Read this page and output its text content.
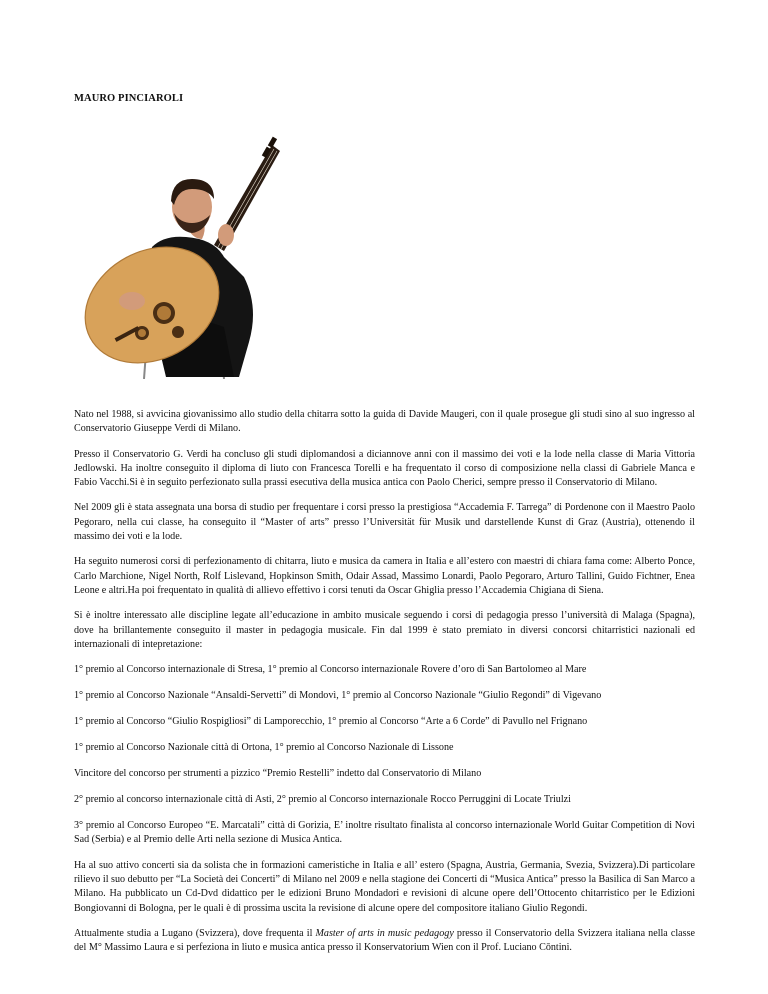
MAURO PINCIAROLI

Nato nel 1988, si avvicina giovanissimo allo studio della chitarra sotto la guida di Davide Maugeri, con il quale prosegue gli studi sino al suo ingresso al Conservatorio Giuseppe Verdi di Milano.

Presso il Conservatorio G. Verdi ha concluso gli studi diplomandosi a diciannove anni con il massimo dei voti e la lode nella classe di Maria Vittoria Jedlowski. Ha inoltre conseguito il diploma di liuto con Francesca Torelli e ha frequentato il corso di composizione nella classi di Gabriele Manca e Fabio Vacchi.Si è in seguito perfezionato sulla prassi esecutiva della musica antica con Paolo Cherici, sempre presso il Conservatorio di Milano.

Nel 2009 gli è stata assegnata una borsa di studio per frequentare i corsi presso la prestigiosa “Accademia F. Tarrega” di Pordenone con il Maestro Paolo Pegoraro, nella cui classe, ha conseguito il “Master of arts” presso l’Universität für Musik und darstellende Kunst di Graz (Austria), ottenendo il massimo dei voti e la lode.

Ha seguito numerosi corsi di perfezionamento di chitarra, liuto e musica da camera in Italia e all’estero con maestri di chiara fama come: Alberto Ponce, Carlo Marchione, Nigel North, Rolf Lislevand, Hopkinson Smith, Odair Assad, Massimo Lonardi, Paolo Pegoraro, Arturo Tallini, Guido Fichtner, Enea Leone e altri.Ha poi frequentato in qualità di allievo effettivo i corsi tenuti da Oscar Ghiglia presso l’Accademia Chigiana di Siena.

Si è inoltre interessato alle discipline legate all’educazione in ambito musicale seguendo i corsi di pedagogia presso l’università di Malaga (Spagna), dove ha brillantemente conseguito il master in pedagogia musicale. Fin dal 1999 è stato premiato in diversi concorsi chitarristici nazionali ed internazionali di intepretazione:

1° premio al Concorso internazionale di Stresa, 1° premio al Concorso internazionale Rovere d’oro di San Bartolomeo al Mare

1° premio al Concorso Nazionale “Ansaldi-Servetti” di Mondovì, 1° premio al Concorso Nazionale “Giulio Regondi” di Vigevano

1° premio al Concorso “Giulio Rospigliosi” di Lamporecchio, 1° premio al Concorso “Arte a 6 Corde” di Pavullo nel Frignano

1° premio al Concorso Nazionale città di Ortona, 1° premio al Concorso Nazionale di Lissone

Vincitore del concorso per strumenti a pizzico “Premio Restelli” indetto dal Conservatorio di Milano

2° premio al concorso internazionale città di Asti, 2° premio al Concorso internazionale Rocco Perruggini di Locate Triulzi

3° premio al Concorso Europeo “E. Marcatali” città di Gorizia, E’ inoltre risultato finalista al concorso internazionale World Guitar Competition di Novi Sad (Serbia) e al Premio delle Arti nella sezione di Musica Antica.

Ha al suo attivo concerti sia da solista che in formazioni cameristiche in Italia e all’ estero (Spagna, Austria, Germania, Svezia, Svizzera).Di particolare rilievo il suo debutto per “La Società dei Concerti” di Milano nel 2009 e nella stagione dei Concerti di “Musica Antica” presso la Basilica di San Marco a Milano. Ha pubblicato un Cd-Dvd didattico per le edizioni Bruno Mondadori e revisioni di alcune opere dell’Ottocento chitarristico per le Edizioni Bongiovanni di Bologna, per le quali è di prossima uscita la revisione di alcune opere del compositore italiano Giulio Regondi.

Attualmente studia a Lugano (Svizzera), dove frequenta il Master of arts in music pedagogy presso il Conservatorio della Svizzera italiana nella classe del M° Massimo Laura e si perfeziona in liuto e musica antica presso il Konservatorium Wien con il Prof. Luciano Cōntini.
